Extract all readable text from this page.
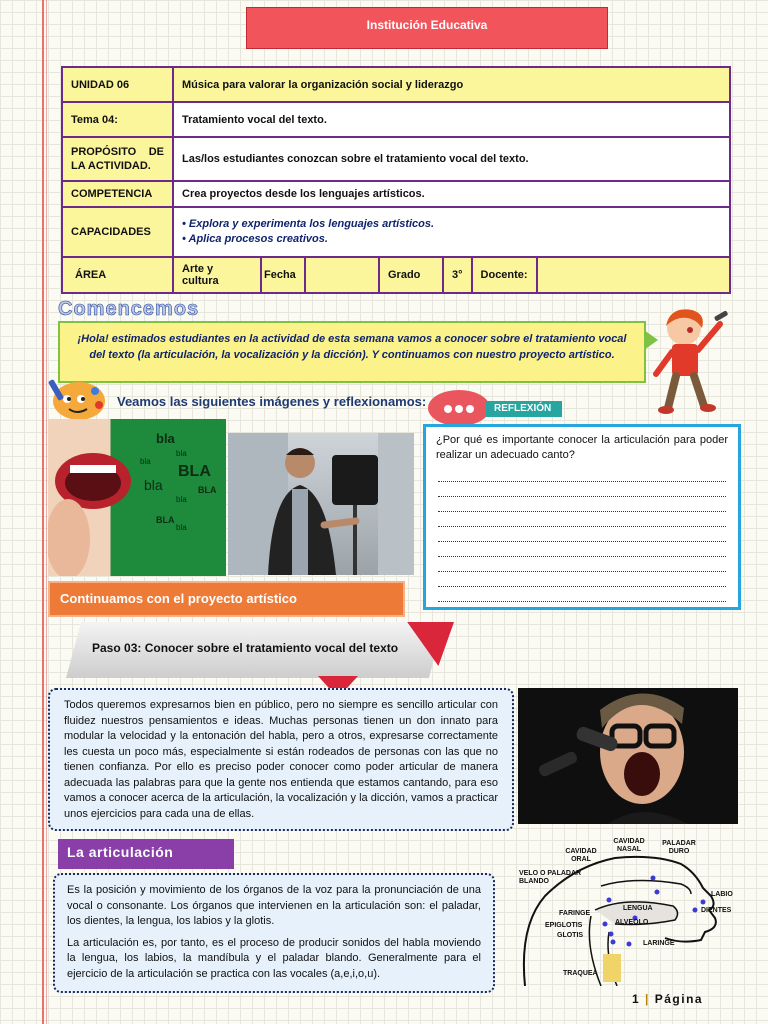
Institución Educativa
UNIDAD 06	Música para valorar la organización social y liderazgo						
Tema 04:	Tratamiento vocal del texto.						
PROPÓSITO DE LA ACTIVIDAD.	Las/los estudiantes conozcan sobre el tratamiento vocal del texto.						
COMPETENCIA	Crea proyectos desde los lenguajes artísticos.						
CAPACIDADES	• Explora y experimenta los lenguajes artísticos.
• Aplica procesos creativos.						

ÁREA	Arte y cultura	Fecha		Grado	3°	Docente:	
Comencemos
¡Hola! estimados estudiantes en la actividad de esta semana vamos a conocer sobre el tratamiento vocal del texto (la articulación, la vocalización y la dicción). Y continuamos con nuestro proyecto artístico.
Veamos las siguientes imágenes y reflexionamos:
bla
BLA
bla
bla
BLA
bla
bla
bla
BLA
REFLEXIÓN
¿Por qué es importante conocer la articulación para poder realizar un adecuado canto?
Continuamos con el proyecto artístico
Paso 03: Conocer sobre el tratamiento vocal del texto
Todos queremos expresarnos bien en público, pero no siempre es sencillo articular con fluidez nuestros pensamientos e ideas. Muchas personas tienen un don innato para modular la velocidad y la entonación del habla, pero a otros, expresarse correctamente les cuesta un poco más, especialmente si están rodeados de personas con las que no tienen confianza. Por ello es preciso poder conocer como poder articular de manera adecuada las palabras para que la gente nos entienda que estamos cantando, para eso vamos a conocer acerca de la articulación, la vocalización y la dicción, vamos a practicar unos ejercicios para cada una de ellas.
La articulación

Es la posición y movimiento de los órganos de la voz para la pronunciación de una vocal o consonante. Los órganos que intervienen en la articulación son: el paladar, los dientes, la lengua, los labios y la glotis.

La articulación es, por tanto, es el proceso de producir sonidos del habla moviendo la lengua, los labios, la mandíbula y el paladar blando. Generalmente para el ejercicio de la articulación se practica con las vocales (a,e,i,o,u).

CAVIDAD NASAL
PALADAR DURO
CAVIDAD ORAL
VELO O PALADAR BLANDO
LABIO
DIENTES
LENGUA
FARINGE
EPIGLOTIS	ALVEOLO
GLOTIS
LARINGE
TRAQUEA
1 | Página
